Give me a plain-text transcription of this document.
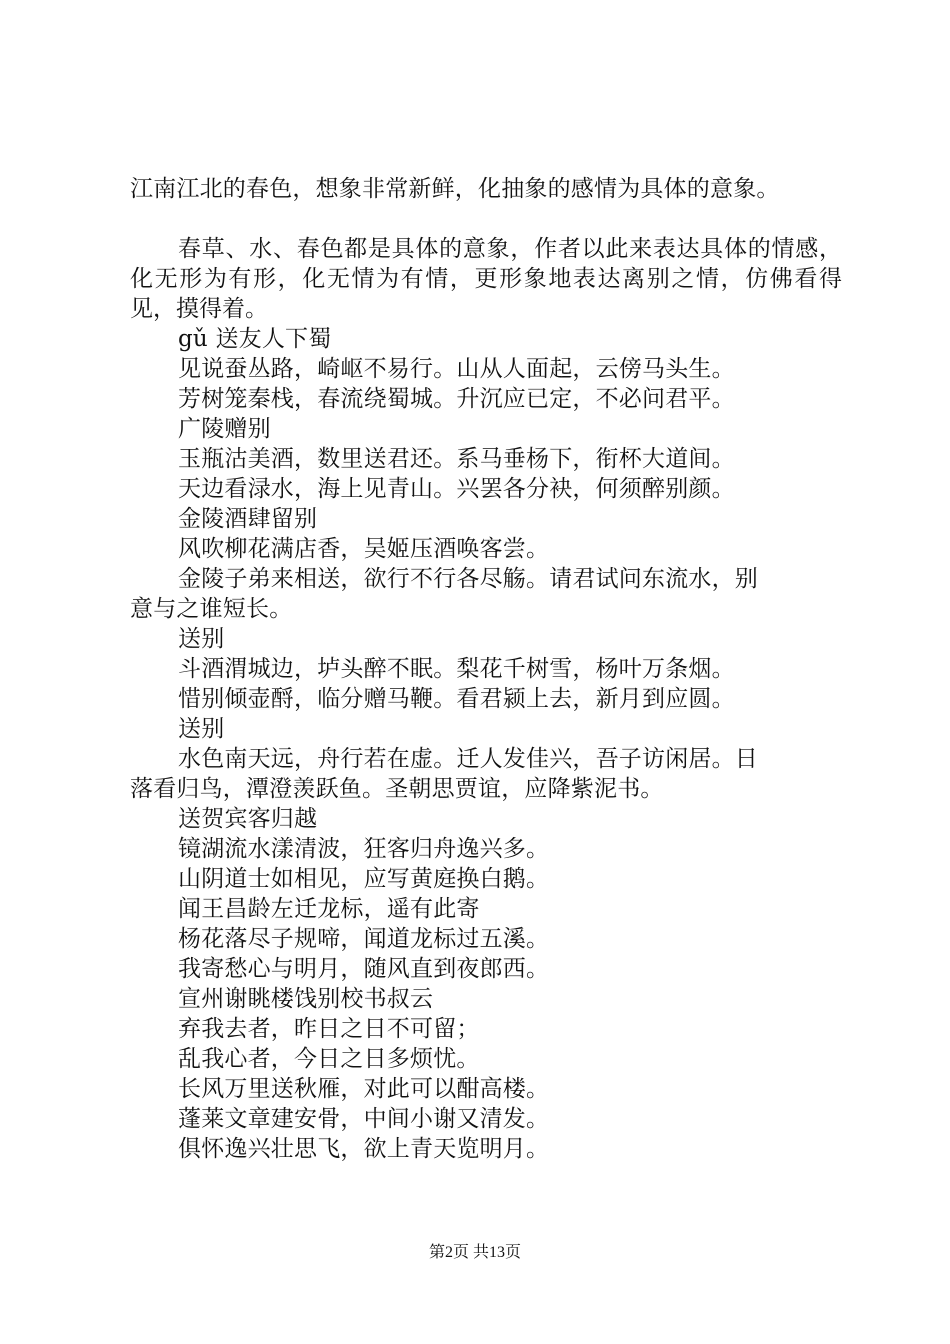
江南江北的春色，想象非常新鲜，化抽象的感情为具体的意象。
春草、水、春色都是具体的意象，作者以此来表达具体的情感，化无形为有形，化无情为有情，更形象地表达离别之情，仿佛看得见，摸得着。
gǔ 送友人下蜀
见说蚕丛路，崎岖不易行。山从人面起，云傍马头生。
芳树笼秦栈，春流绕蜀城。升沉应已定，不必问君平。
广陵赠别
玉瓶沽美酒，数里送君还。系马垂杨下，衔杯大道间。
天边看渌水，海上见青山。兴罢各分袂，何须醉别颜。
金陵酒肆留别
风吹柳花满店香，吴姬压酒唤客尝。
金陵子弟来相送，欲行不行各尽觞。请君试问东流水，别
意与之谁短长。
送别
斗酒渭城边，垆头醉不眠。梨花千树雪，杨叶万条烟。
惜别倾壶酹，临分赠马鞭。看君颍上去，新月到应圆。
送别
水色南天远，舟行若在虚。迁人发佳兴，吾子访闲居。日
落看归鸟，潭澄羡跃鱼。圣朝思贾谊，应降紫泥书。
送贺宾客归越
镜湖流水漾清波，狂客归舟逸兴多。
山阴道士如相见，应写黄庭换白鹅。
闻王昌龄左迁龙标，遥有此寄
杨花落尽子规啼，闻道龙标过五溪。
我寄愁心与明月，随风直到夜郎西。
宣州谢眺楼饯别校书叔云
弃我去者，昨日之日不可留；
乱我心者，今日之日多烦忧。
长风万里送秋雁，对此可以酣高楼。
蓬莱文章建安骨，中间小谢又清发。
俱怀逸兴壮思飞，欲上青天览明月。
第2页 共13页
